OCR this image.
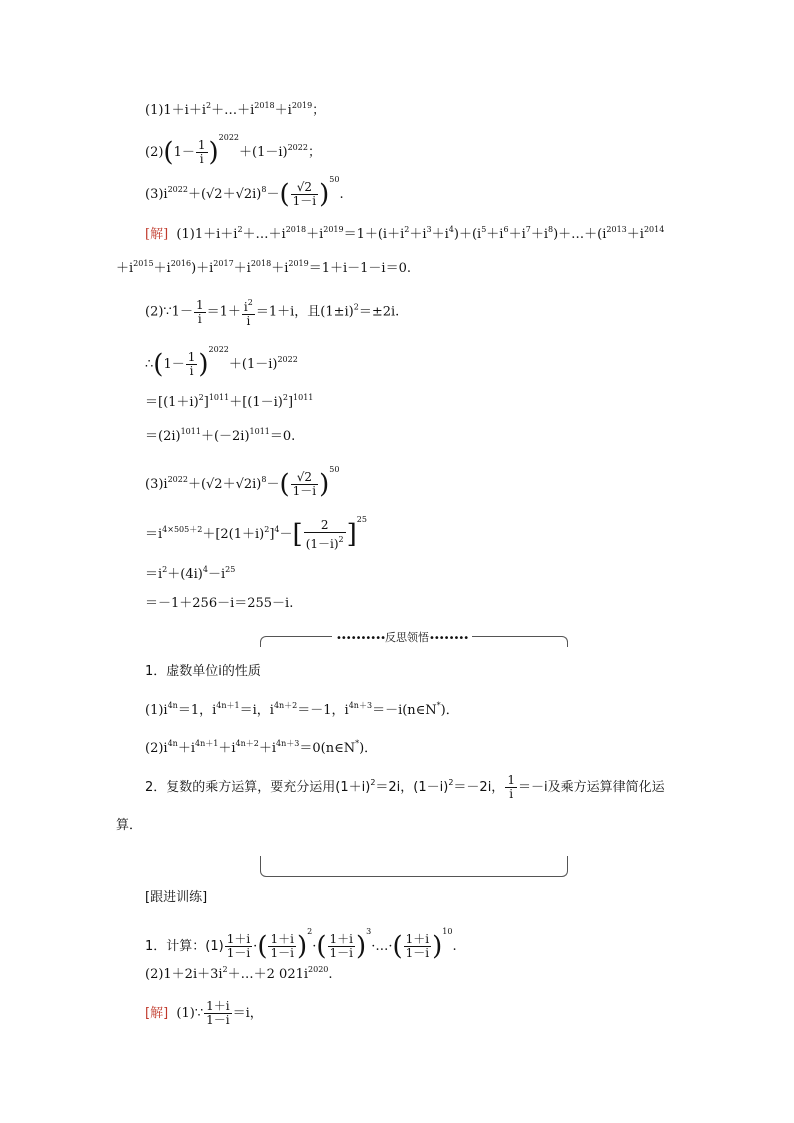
$(1)1+i+i^2+\dots+i^{2018}+i^{2019}$；
$(2)(1- \frac{1}{i} )^{2022}+(1-i)^{2022}$；
$(3)i^{2022}+(√2+√2i)^8-( \frac{√2}{1-i} )^{50}$.
[解] $(1)1+i+i^2+\dots+i^{2018}+i^{2019}=1+(i+i^2+i^3+i^4)+(i^5+i^6+i^7+i^8)+\dots+(i^{2013}+i^{2014}$
$+i^{2015}+i^{2016})+i^{2017}+i^{2018}+i^{2019}=1+i-1-i=0$.
(2)∵1－ $\frac{1}{i} =1+ \frac{i^2}{i} =1+i$，且$(1\pm i)^2=\pm 2i$.
∴(1－ $\frac{1}{i} )^{2022}+(1-i)^{2022}$
$=[(1+i)^2]^{1011}+[(1-i)^2]^{1011}$
$=(2i)^{1011}+(-2i)^{1011}=0$.
$(3)i^{2022}+(√2+√2i)^8-( \frac{√2}{1-i} )^{50}$
$=i^{4\times 505+2}+[2(1+i)^2]^4-[ \frac{2}{(1-i)^2} ]^{25}$
$=i^2+(4i)^4-i^{25}$
＝－1＋256－i＝255－i.
••••••••••反思领悟••••••••
1．虚数单位i的性质
$(1)i^{4n}=1$，$i^{4n+1}=i$，$i^{4n+2}=-1$，$i^{4n+3}=-i(n\in N^*)$．
$(2)i^{4n}+i^{4n+1}+i^{4n+2}+i^{4n+3}=0(n\in N^*)$．
2．复数的乘方运算，要充分运用$(1+i)^2=2i$，$(1-i)^2=-2i$， $\frac{1}{i} =-i$及乘方运算律简化运
算．
[跟进训练]
1．计算：$(1) \frac{1+i}{1-i}$ ·( $\frac{1+i}{1-i} )^2\cdot( \frac{1+i}{1-i}$ )$^3\cdot\dots\cdot( \frac{1+i}{1-i} )^{10}$.
$(2)1+2i+3i^2+\dots+2$ $021i^{2020}$.
[解] (1)∵ $\frac{1+i}{1-i} =i$，
